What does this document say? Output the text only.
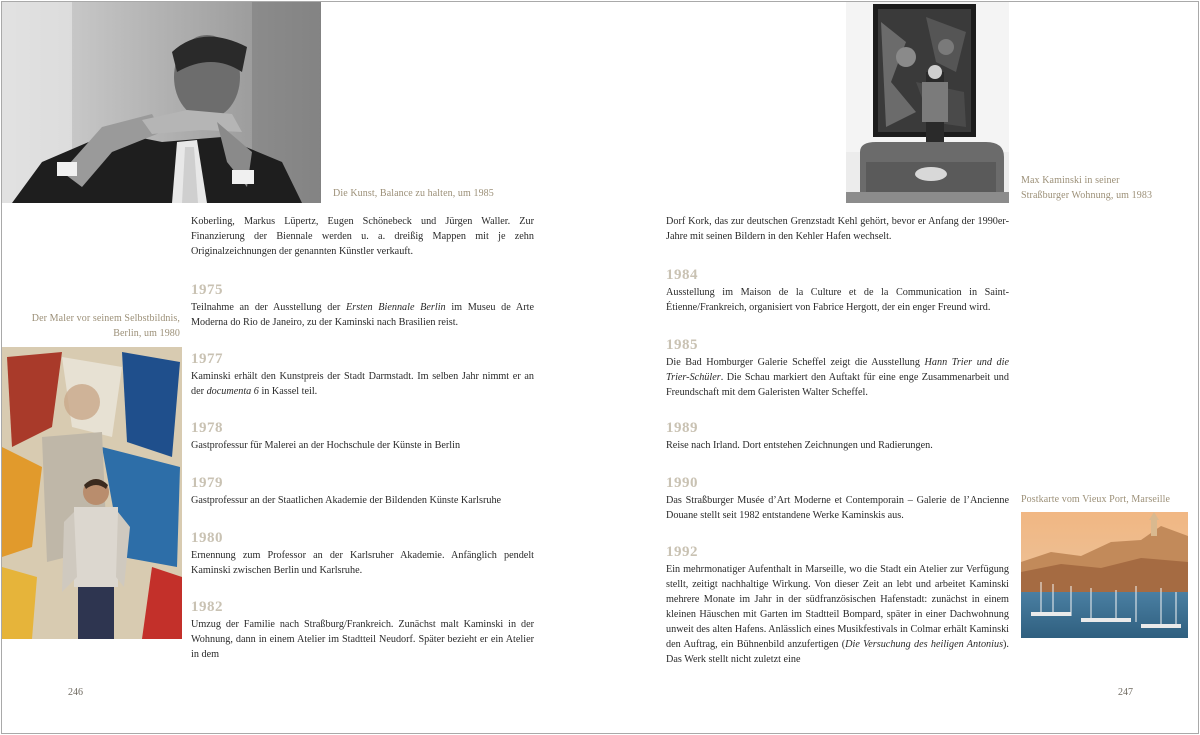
Die Kunst, Balance zu halten, um 1985
Max Kaminski in seiner
Straßburger Wohnung, um 1983
Der Maler vor seinem Selbstbildnis,
Berlin, um 1980
Postkarte vom Vieux Port, Marseille
Koberling, Markus Lüpertz, Eugen Schönebeck und Jürgen Waller. Zur Finanzierung der Biennale werden u. a. dreißig Mappen mit je zehn Originalzeichnungen der genannten Künstler verkauft.
1975
Teilnahme an der Ausstellung der Ersten Biennale Berlin im Museu de Arte Moderna do Rio de Janeiro, zu der Kaminski nach Brasilien reist.
1977
Kaminski erhält den Kunstpreis der Stadt Darmstadt. Im selben Jahr nimmt er an der documenta 6 in Kassel teil.
1978
Gastprofessur für Malerei an der Hochschule der Künste in Berlin
1979
Gastprofessur an der Staatlichen Akademie der Bildenden Künste Karlsruhe
1980
Ernennung zum Professor an der Karlsruher Akademie. Anfänglich pendelt Kaminski zwischen Berlin und Karlsruhe.
1982
Umzug der Familie nach Straßburg/Frankreich. Zunächst malt Kaminski in der Wohnung, dann in einem Atelier im Stadtteil Neudorf. Später bezieht er ein Atelier in dem
246
Dorf Kork, das zur deutschen Grenzstadt Kehl gehört, bevor er Anfang der 1990er-Jahre mit seinen Bildern in den Kehler Hafen wechselt.
1984
Ausstellung im Maison de la Culture et de la Communication in Saint-Étienne/Frankreich, organisiert von Fabrice Hergott, der ein enger Freund wird.
1985
Die Bad Homburger Galerie Scheffel zeigt die Ausstellung Hann Trier und die Trier-Schüler. Die Schau markiert den Auftakt für eine enge Zusammenarbeit und Freundschaft mit dem Galeristen Walter Scheffel.
1989
Reise nach Irland. Dort entstehen Zeichnungen und Radierungen.
1990
Das Straßburger Musée d’Art Moderne et Contemporain – Galerie de l’Ancienne Douane stellt seit 1982 entstandene Werke Kaminskis aus.
1992
Ein mehrmonatiger Aufenthalt in Marseille, wo die Stadt ein Atelier zur Verfügung stellt, zeitigt nachhaltige Wirkung. Von dieser Zeit an lebt und arbeitet Kaminski mehrere Monate im Jahr in der südfranzösischen Hafenstadt: zunächst in einem kleinen Häuschen mit Garten im Stadtteil Bompard, später in einer Dachwohnung unweit des alten Hafens. Anlässlich eines Musikfestivals in Colmar erhält Kaminski den Auftrag, ein Bühnenbild anzufertigen (Die Versuchung des heiligen Antonius). Das Werk stellt nicht zuletzt eine
247
